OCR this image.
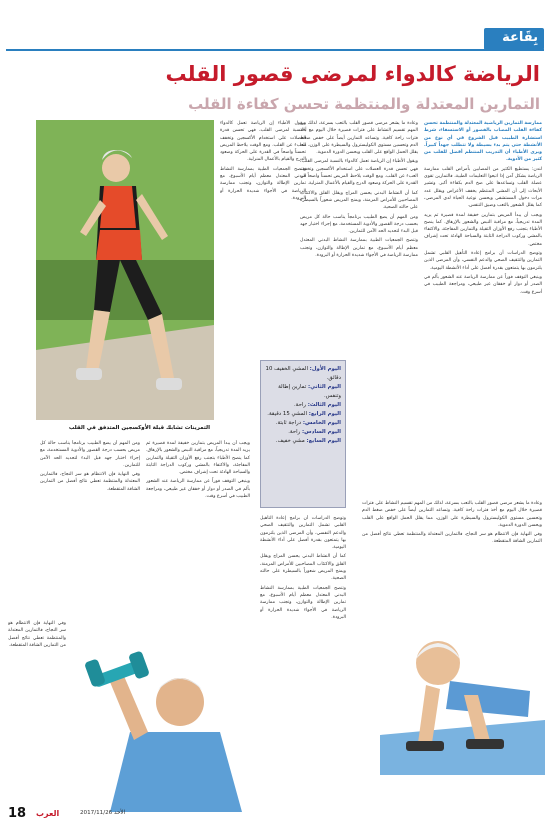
بِقَاعة
الرياضة كالدواء لمرضى قصور القلب
التمارين المعتدلة والمنتظمة تحسن كفاءة القلب
التمرينات تشابك قبلة الأوكسجين المتدفق في القلب

ممارسة التمارين الرياضية المعتدلة والمنتظمة تحسن كفاءة القلب المصاب بالقصور أو الاستسقاء، شرط استشارة الطبيب قبل الشروع في أي نوع من الأنشطة حتى يتم بدء بسيطة ولا تتطلب جهداً كبيراً. ويرى الأطباء أن التدريب المنتظم أفضل للقلب من كثير من الأدوية.

لندن: يستطيع الكثير من المصابين بأمراض القلب ممارسة الرياضة بشكل آمن إذا اتبعوا التعليمات الطبية، فالتمارين تقوي عضلة القلب وتساعدها على ضخ الدم بكفاءة أكبر. وتشير الأبحاث إلى أن المشي المنتظم يخفف الأعراض ويقلل عدد مرات دخول المستشفى ويحسن نوعية الحياة لدى المرضى، كما يقلل الشعور بالتعب وضيق التنفس.

ويجب أن يبدأ المريض بتمارين خفيفة لمدة قصيرة ثم يزيد المدة تدريجياً، مع مراقبة النبض والشعور بالإرهاق. كما ينصح الأطباء بتجنب رفع الأوزان الثقيلة والتمارين المفاجئة، والاكتفاء بالمشي وركوب الدراجة الثابتة والسباحة الهادئة تحت إشراف مختص.

وتوضح الدراسات أن برامج إعادة التأهيل القلبي تشمل التمارين والتثقيف الصحي والدعم النفسي، وأن المرضى الذين يلتزمون بها يتمتعون بقدرة أفضل على أداء الأنشطة اليومية.

وينبغي التوقف فوراً عن ممارسة الرياضة عند الشعور بألم في الصدر أو دوار أو خفقان غير طبيعي، ومراجعة الطبيب في أسرع وقت.

وعادة ما يشعر مرضى قصور القلب بالتعب بسرعة، لذلك من المهم تقسيم النشاط على فترات قصيرة خلال اليوم مع أخذ فترات راحة كافية. وتساعد التمارين أيضاً على خفض ضغط الدم وتحسين مستوى الكوليسترول والسيطرة على الوزن، مما يقلل الحمل الواقع على القلب ويحسن الدورة الدموية.

ويقول الأطباء إن الرياضة تعمل كالدواء بالنسبة لمرضى القلب، فهي تحسن قدرة العضلات على استخدام الأكسجين وتخفف العبء عن القلب. ومع الوقت يلاحظ المريض تحسناً واضحاً في القدرة على الحركة وصعود الدرج والقيام بالأعمال المنزلية.

كما أن النشاط البدني يحسن المزاج ويقلل القلق والاكتئاب المصاحبين للأمراض المزمنة، ويمنح المريض شعوراً بالسيطرة على حالته الصحية.

ومن المهم أن يضع الطبيب برنامجاً يناسب حالة كل مريض بحسب درجة القصور والأدوية المستخدمة، مع إجراء اختبار جهد قبل البدء لتحديد الحد الآمن للتمارين.

وتنصح الجمعيات الطبية بممارسة النشاط البدني المعتدل معظم أيام الأسبوع، مع تمارين الإطالة والتوازن، وتجنب ممارسة الرياضة في الأجواء شديدة الحرارة أو البرودة.

ويقول الأطباء إن الرياضة تعمل كالدواء بالنسبة لمرضى القلب، فهي تحسن قدرة العضلات على استخدام الأكسجين وتخفف العبء عن القلب. ومع الوقت يلاحظ المريض تحسناً واضحاً في القدرة على الحركة وصعود الدرج والقيام بالأعمال المنزلية.

وتنصح الجمعيات الطبية بممارسة النشاط البدني المعتدل معظم أيام الأسبوع، مع تمارين الإطالة والتوازن، وتجنب ممارسة الرياضة في الأجواء شديدة الحرارة أو البرودة.

اليوم الأول: المشي الخفيف 10 دقائق.
اليوم الثاني: تمارين إطالة وتنفس.
اليوم الثالث: راحة.
اليوم الرابع: المشي 15 دقيقة.
اليوم الخامس: دراجة ثابتة.
اليوم السادس: راحة.
اليوم السابع: مشي خفيف.

ومن المهم أن يضع الطبيب برنامجاً يناسب حالة كل مريض بحسب درجة القصور والأدوية المستخدمة، مع إجراء اختبار جهد قبل البدء لتحديد الحد الآمن للتمارين.

وفي النهاية فإن الانتظام هو سر النجاح، فالتمارين المعتدلة والمنتظمة تعطي نتائج أفضل من التمارين الشاقة المتقطعة.

ويجب أن يبدأ المريض بتمارين خفيفة لمدة قصيرة ثم يزيد المدة تدريجياً، مع مراقبة النبض والشعور بالإرهاق. كما ينصح الأطباء بتجنب رفع الأوزان الثقيلة والتمارين المفاجئة، والاكتفاء بالمشي وركوب الدراجة الثابتة والسباحة الهادئة تحت إشراف مختص.

وينبغي التوقف فوراً عن ممارسة الرياضة عند الشعور بألم في الصدر أو دوار أو خفقان غير طبيعي، ومراجعة الطبيب في أسرع وقت.

وتوضح الدراسات أن برامج إعادة التأهيل القلبي تشمل التمارين والتثقيف الصحي والدعم النفسي، وأن المرضى الذين يلتزمون بها يتمتعون بقدرة أفضل على أداء الأنشطة اليومية.

كما أن النشاط البدني يحسن المزاج ويقلل القلق والاكتئاب المصاحبين للأمراض المزمنة، ويمنح المريض شعوراً بالسيطرة على حالته الصحية.

وتنصح الجمعيات الطبية بممارسة النشاط البدني المعتدل معظم أيام الأسبوع، مع تمارين الإطالة والتوازن، وتجنب ممارسة الرياضة في الأجواء شديدة الحرارة أو البرودة.

وعادة ما يشعر مرضى قصور القلب بالتعب بسرعة، لذلك من المهم تقسيم النشاط على فترات قصيرة خلال اليوم مع أخذ فترات راحة كافية. وتساعد التمارين أيضاً على خفض ضغط الدم وتحسين مستوى الكوليسترول والسيطرة على الوزن، مما يقلل الحمل الواقع على القلب ويحسن الدورة الدموية.

وفي النهاية فإن الانتظام هو سر النجاح، فالتمارين المعتدلة والمنتظمة تعطي نتائج أفضل من التمارين الشاقة المتقطعة.

وفي النهاية فإن الانتظام هو سر النجاح، فالتمارين المعتدلة والمنتظمة تعطي نتائج أفضل من التمارين الشاقة المتقطعة.

18 العرب	الأحد 2017/11/26
